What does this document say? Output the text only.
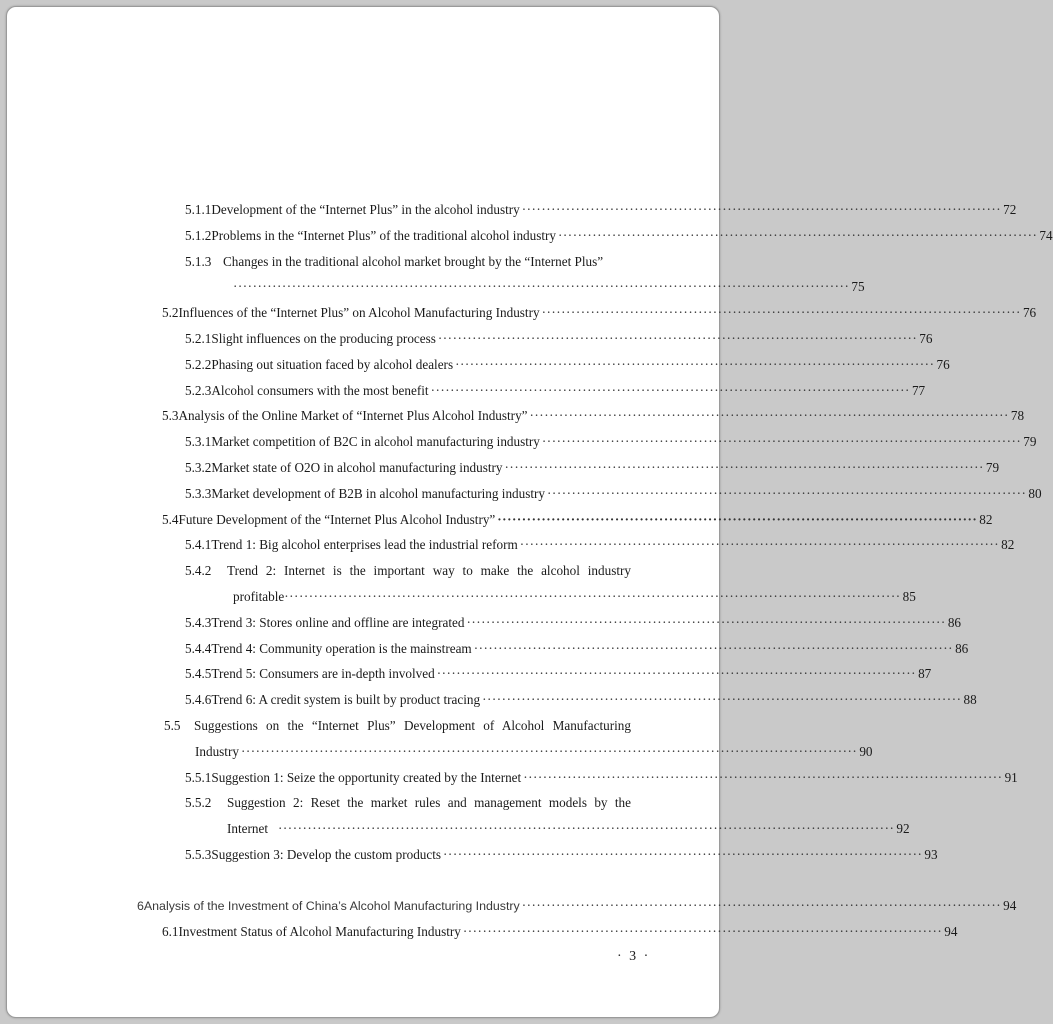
5.1.1 Development of the “Internet Plus” in the alcohol industry ·································································································· 72
5.1.2 Problems in the “Internet Plus” of the traditional alcohol industry ·································································································· 74
5.1.3 Changes in the traditional alcohol market brought by the “Internet Plus”
······························································································································ 75
5.2 Influences of the “Internet Plus” on Alcohol Manufacturing Industry ·································································································· 76
5.2.1 Slight influences on the producing process ·································································································· 76
5.2.2 Phasing out situation faced by alcohol dealers ·································································································· 76
5.2.3 Alcohol consumers with the most benefit ·································································································· 77
5.3 Analysis of the Online Market of “Internet Plus Alcohol Industry” ·································································································· 78
5.3.1 Market competition of B2C in alcohol manufacturing industry ·································································································· 79
5.3.2 Market state of O2O in alcohol manufacturing industry ·································································································· 79
5.3.3 Market development of B2B in alcohol manufacturing industry ·································································································· 80
5.4 Future Development of the “Internet Plus Alcohol Industry” ·································································································· 82
5.4.1 Trend 1: Big alcohol enterprises lead the industrial reform ·································································································· 82
5.4.2	Trend 2: Internet is the important way to make the alcohol industry
profitable ······························································································································ 85
5.4.3 Trend 3: Stores online and offline are integrated ·································································································· 86
5.4.4 Trend 4: Community operation is the mainstream ·································································································· 86
5.4.5 Trend 5: Consumers are in-depth involved ·································································································· 87
5.4.6 Trend 6: A credit system is built by product tracing ·································································································· 88
5.5	Suggestions on the “Internet Plus” Development of Alcohol Manufacturing
Industry ······························································································································ 90
5.5.1 Suggestion 1: Seize the opportunity created by the Internet ·································································································· 91
5.5.2	Suggestion 2: Reset the market rules and management models by the
Internet ······························································································································ 92
5.5.3 Suggestion 3: Develop the custom products ·································································································· 93
6 Analysis of the Investment of China’s Alcohol Manufacturing Industry ·································································································· 94
6.1 Investment Status of Alcohol Manufacturing Industry ·································································································· 94
· 3 ·
